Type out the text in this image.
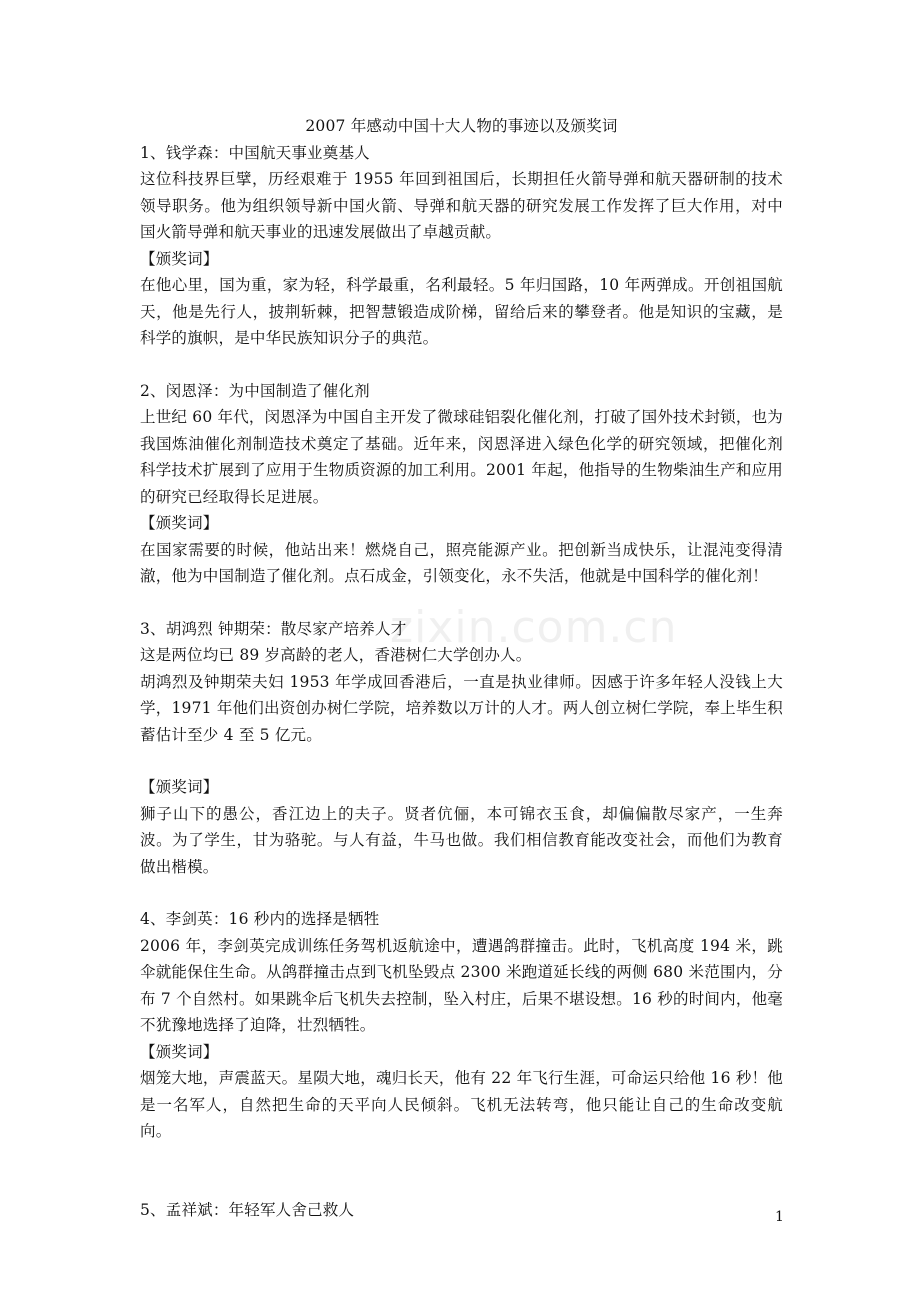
zixin.com.cn

2007 年感动中国十大人物的事迹以及颁奖词

1、钱学森：中国航天事业奠基人

这位科技界巨擘，历经艰难于 1955 年回到祖国后，长期担任火箭导弹和航天器研制的技术领导职务。他为组织领导新中国火箭、导弹和航天器的研究发展工作发挥了巨大作用，对中国火箭导弹和航天事业的迅速发展做出了卓越贡献。

【颁奖词】

在他心里，国为重，家为轻，科学最重，名利最轻。5 年归国路，10 年两弹成。开创祖国航天，他是先行人，披荆斩棘，把智慧锻造成阶梯，留给后来的攀登者。他是知识的宝藏，是科学的旗帜，是中华民族知识分子的典范。

2、闵恩泽：为中国制造了催化剂

上世纪 60 年代，闵恩泽为中国自主开发了微球硅铝裂化催化剂，打破了国外技术封锁，也为我国炼油催化剂制造技术奠定了基础。近年来，闵恩泽进入绿色化学的研究领域，把催化剂科学技术扩展到了应用于生物质资源的加工利用。2001 年起，他指导的生物柴油生产和应用的研究已经取得长足进展。

【颁奖词】

在国家需要的时候，他站出来！燃烧自己，照亮能源产业。把创新当成快乐，让混沌变得清澈，他为中国制造了催化剂。点石成金，引领变化，永不失活，他就是中国科学的催化剂！

3、胡鸿烈 钟期荣：散尽家产培养人才

这是两位均已 89 岁高龄的老人，香港树仁大学创办人。

胡鸿烈及钟期荣夫妇 1953 年学成回香港后，一直是执业律师。因感于许多年轻人没钱上大学，1971 年他们出资创办树仁学院，培养数以万计的人才。两人创立树仁学院，奉上毕生积蓄估计至少 4 至 5 亿元。

【颁奖词】

狮子山下的愚公，香江边上的夫子。贤者伉俪，本可锦衣玉食，却偏偏散尽家产，一生奔波。为了学生，甘为骆驼。与人有益，牛马也做。我们相信教育能改变社会，而他们为教育做出楷模。

4、李剑英：16 秒内的选择是牺牲

2006 年，李剑英完成训练任务驾机返航途中，遭遇鸽群撞击。此时，飞机高度 194 米，跳伞就能保住生命。从鸽群撞击点到飞机坠毁点 2300 米跑道延长线的两侧 680 米范围内，分布 7 个自然村。如果跳伞后飞机失去控制，坠入村庄，后果不堪设想。16 秒的时间内，他毫不犹豫地选择了迫降，壮烈牺牲。

【颁奖词】

烟笼大地，声震蓝天。星陨大地，魂归长天，他有 22 年飞行生涯，可命运只给他 16 秒！他是一名军人，自然把生命的天平向人民倾斜。飞机无法转弯，他只能让自己的生命改变航向。

5、孟祥斌：年轻军人舍己救人	1
